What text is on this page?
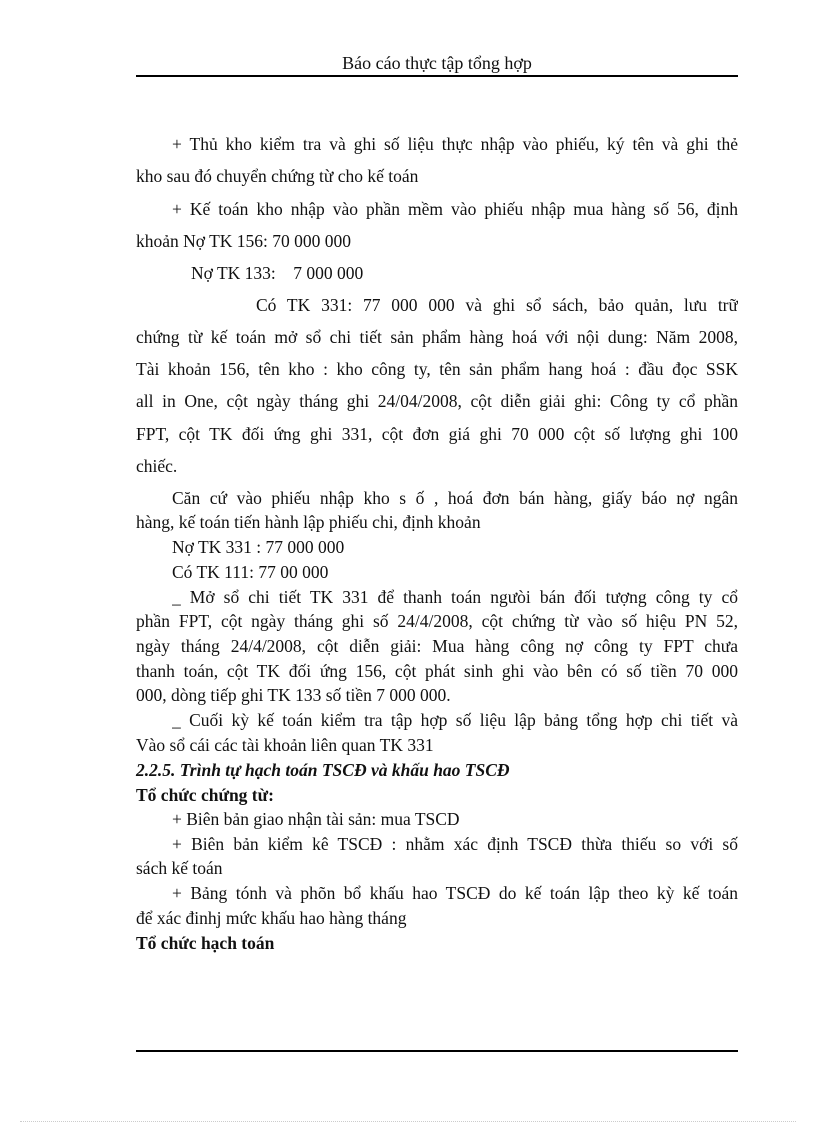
Báo cáo thực tập tổng hợp
+ Thủ kho kiểm tra và ghi số liệu thực nhập vào phiếu, ký tên và ghi thẻ
kho sau đó chuyển chứng từ cho kế toán
+ Kế toán kho nhập vào phần mềm vào phiếu nhập mua hàng số 56, định
khoản Nợ TK 156: 70 000 000
Nợ TK 133:    7 000 000
Có TK 331: 77 000 000 và ghi sổ sách, bảo quản, lưu trữ
chứng từ kế toán mở sổ chi tiết sản phẩm hàng hoá với nội dung: Năm 2008,
Tài khoản 156, tên kho : kho công ty, tên sản phẩm hang hoá : đầu đọc SSK
all in One, cột ngày tháng ghi 24/04/2008, cột diễn giải ghi: Công ty cổ phần
FPT, cột TK đối ứng ghi 331, cột đơn giá ghi 70 000 cột số lượng ghi 100
chiếc.
Căn cứ vào phiếu nhập kho s ố , hoá đơn bán hàng, giấy báo nợ ngân
hàng, kế toán tiến hành lập phiếu chi, định khoản
Nợ TK 331 : 77 000 000
Có TK 111: 77 00 000
_ Mở sổ chi tiết TK 331 để thanh toán ngưòi bán đối tượng công ty cổ
phần FPT, cột ngày tháng ghi số 24/4/2008, cột chứng từ vào số hiệu PN 52,
ngày tháng 24/4/2008, cột diễn giải: Mua hàng công nợ công ty FPT chưa
thanh toán, cột TK đối ứng 156, cột phát sinh ghi vào bên có số tiền 70 000
000, dòng tiếp ghi TK 133 số tiền 7 000 000.
_ Cuối kỳ kế toán kiểm tra tập hợp số liệu lập bảng tổng hợp chi tiết và
Vào sổ cái các tài khoản liên quan TK 331
2.2.5. Trình tự hạch toán TSCĐ và khấu hao TSCĐ
Tổ chức chứng từ:
+ Biên bản giao nhận tài sản: mua TSCD
+ Biên bản kiểm kê TSCĐ : nhằm xác định TSCĐ thừa thiếu so với số
sách kế toán
+ Bảng tónh và phõn bổ khấu hao TSCĐ do kế toán lập theo kỳ kế toán
để xác đinhj mức khấu hao hàng tháng
Tổ chức hạch toán
